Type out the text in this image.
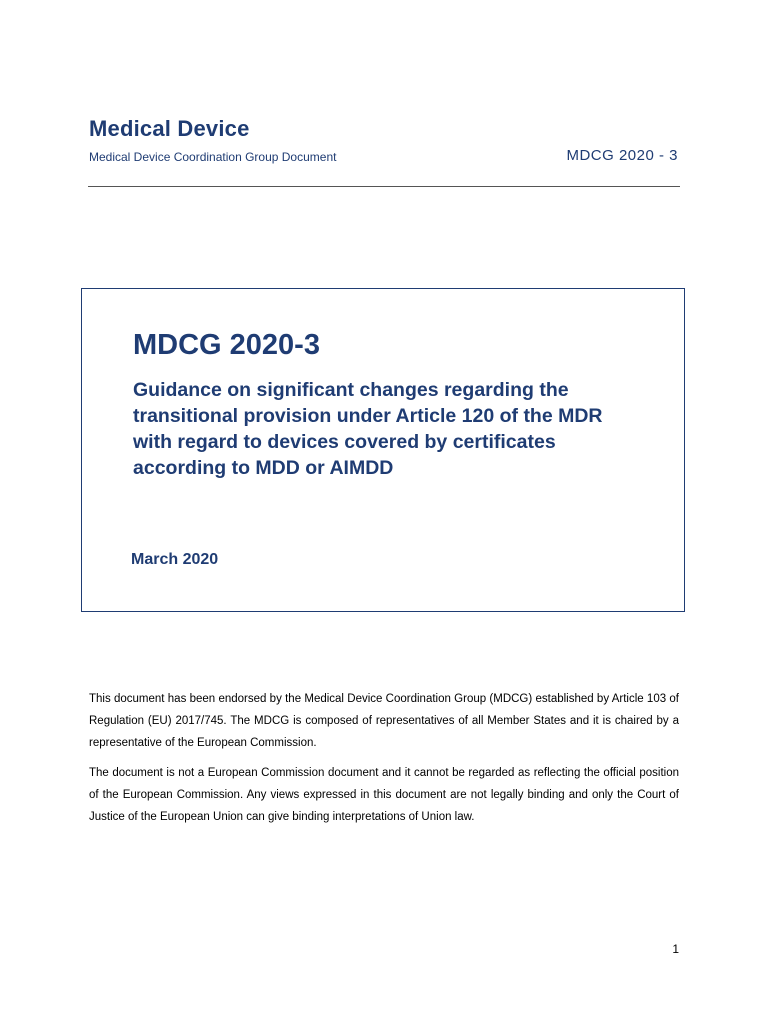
Medical Device
Medical Device Coordination Group Document	MDCG 2020 - 3
MDCG 2020-3
Guidance on significant changes regarding the transitional provision under Article 120 of the MDR with regard to devices covered by certificates according to MDD or AIMDD
March 2020

This document has been endorsed by the Medical Device Coordination Group (MDCG) established by Article 103 of Regulation (EU) 2017/745. The MDCG is composed of representatives of all Member States and it is chaired by a representative of the European Commission.

The document is not a European Commission document and it cannot be regarded as reflecting the official position of the European Commission. Any views expressed in this document are not legally binding and only the Court of Justice of the European Union can give binding interpretations of Union law.

1
